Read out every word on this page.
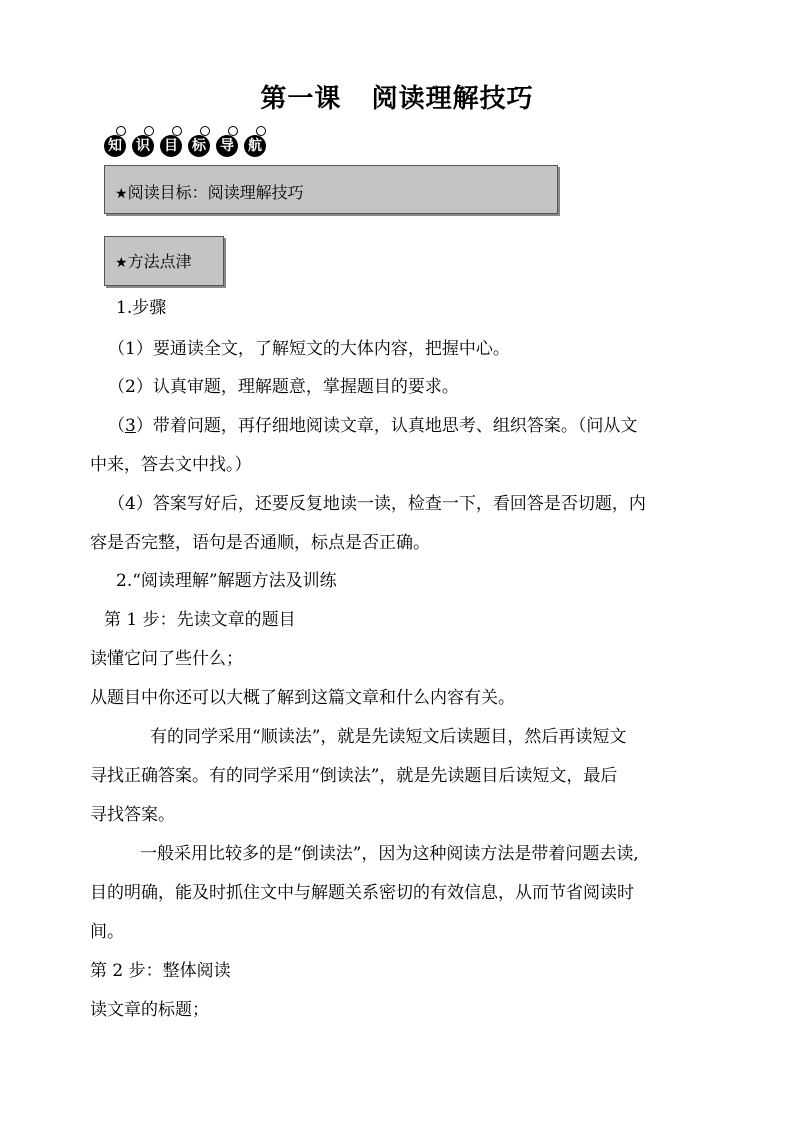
第一课   阅读理解技巧
知 识 目 标 导 航
★阅读目标：阅读理解技巧
★方法点津
1.步骤
（1）要通读全文，了解短文的大体内容，把握中心。
（2）认真审题，理解题意，掌握题目的要求。
（3）带着问题，再仔细地阅读文章，认真地思考、组织答案。（问从文
中来，答去文中找。）
（4）答案写好后，还要反复地读一读，检查一下，看回答是否切题，内
容是否完整，语句是否通顺，标点是否正确。
2.“阅读理解”解题方法及训练
第 1 步：先读文章的题目
读懂它问了些什么；
从题目中你还可以大概了解到这篇文章和什么内容有关。
有的同学采用“顺读法”，就是先读短文后读题目，然后再读短文
寻找正确答案。有的同学采用“倒读法”，就是先读题目后读短文，最后
寻找答案。
一般采用比较多的是“倒读法”，因为这种阅读方法是带着问题去读,
目的明确，能及时抓住文中与解题关系密切的有效信息，从而节省阅读时
间。
第 2 步：整体阅读
读文章的标题；
